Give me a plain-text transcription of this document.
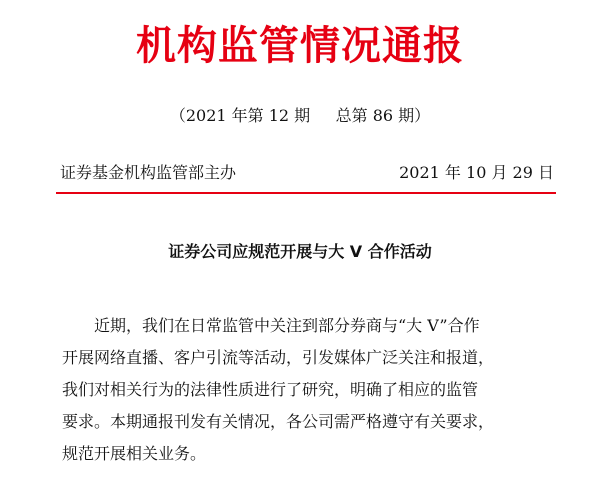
机构监管情况通报
（2021 年第 12 期     总第 86 期）
证券基金机构监管部主办	2021 年 10 月 29 日
证券公司应规范开展与大 V 合作活动
近期，我们在日常监管中关注到部分券商与“大 V”合作
开展网络直播、客户引流等活动，引发媒体广泛关注和报道，
我们对相关行为的法律性质进行了研究，明确了相应的监管
要求。本期通报刊发有关情况，各公司需严格遵守有关要求，
规范开展相关业务。
